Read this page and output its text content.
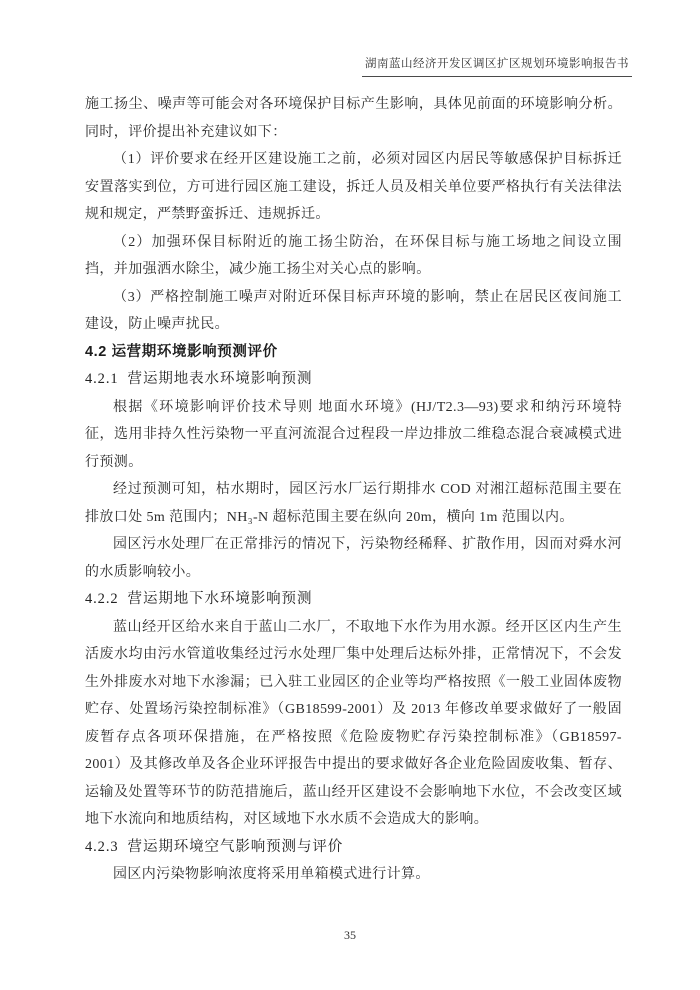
湖南蓝山经济开发区调区扩区规划环境影响报告书

施工扬尘、噪声等可能会对各环境保护目标产生影响，具体见前面的环境影响分析。同时，评价提出补充建议如下：

（1）评价要求在经开区建设施工之前，必须对园区内居民等敏感保护目标拆迁安置落实到位，方可进行园区施工建设，拆迁人员及相关单位要严格执行有关法律法规和规定，严禁野蛮拆迁、违规拆迁。

（2）加强环保目标附近的施工扬尘防治，在环保目标与施工场地之间设立围挡，并加强洒水除尘，减少施工扬尘对关心点的影响。

（3）严格控制施工噪声对附近环保目标声环境的影响，禁止在居民区夜间施工建设，防止噪声扰民。

4.2 运营期环境影响预测评价

4.2.1  营运期地表水环境影响预测

根据《环境影响评价技术导则 地面水环境》(HJ/T2.3—93)要求和纳污环境特征，选用非持久性污染物一平直河流混合过程段一岸边排放二维稳态混合衰减模式进行预测。

经过预测可知，枯水期时，园区污水厂运行期排水 COD 对湘江超标范围主要在排放口处 5m 范围内；NH₃-N 超标范围主要在纵向 20m，横向 1m 范围以内。

园区污水处理厂在正常排污的情况下，污染物经稀释、扩散作用，因而对舜水河的水质影响较小。

4.2.2  营运期地下水环境影响预测

蓝山经开区给水来自于蓝山二水厂，不取地下水作为用水源。经开区区内生产生活废水均由污水管道收集经过污水处理厂集中处理后达标外排，正常情况下，不会发生外排废水对地下水渗漏；已入驻工业园区的企业等均严格按照《一般工业固体废物贮存、处置场污染控制标准》（GB18599-2001）及 2013 年修改单要求做好了一般固废暂存点各项环保措施，在严格按照《危险废物贮存污染控制标准》（GB18597-2001）及其修改单及各企业环评报告中提出的要求做好各企业危险固废收集、暂存、运输及处置等环节的防范措施后，蓝山经开区建设不会影响地下水位，不会改变区域地下水流向和地质结构，对区域地下水水质不会造成大的影响。

4.2.3  营运期环境空气影响预测与评价

园区内污染物影响浓度将采用单箱模式进行计算。

35
